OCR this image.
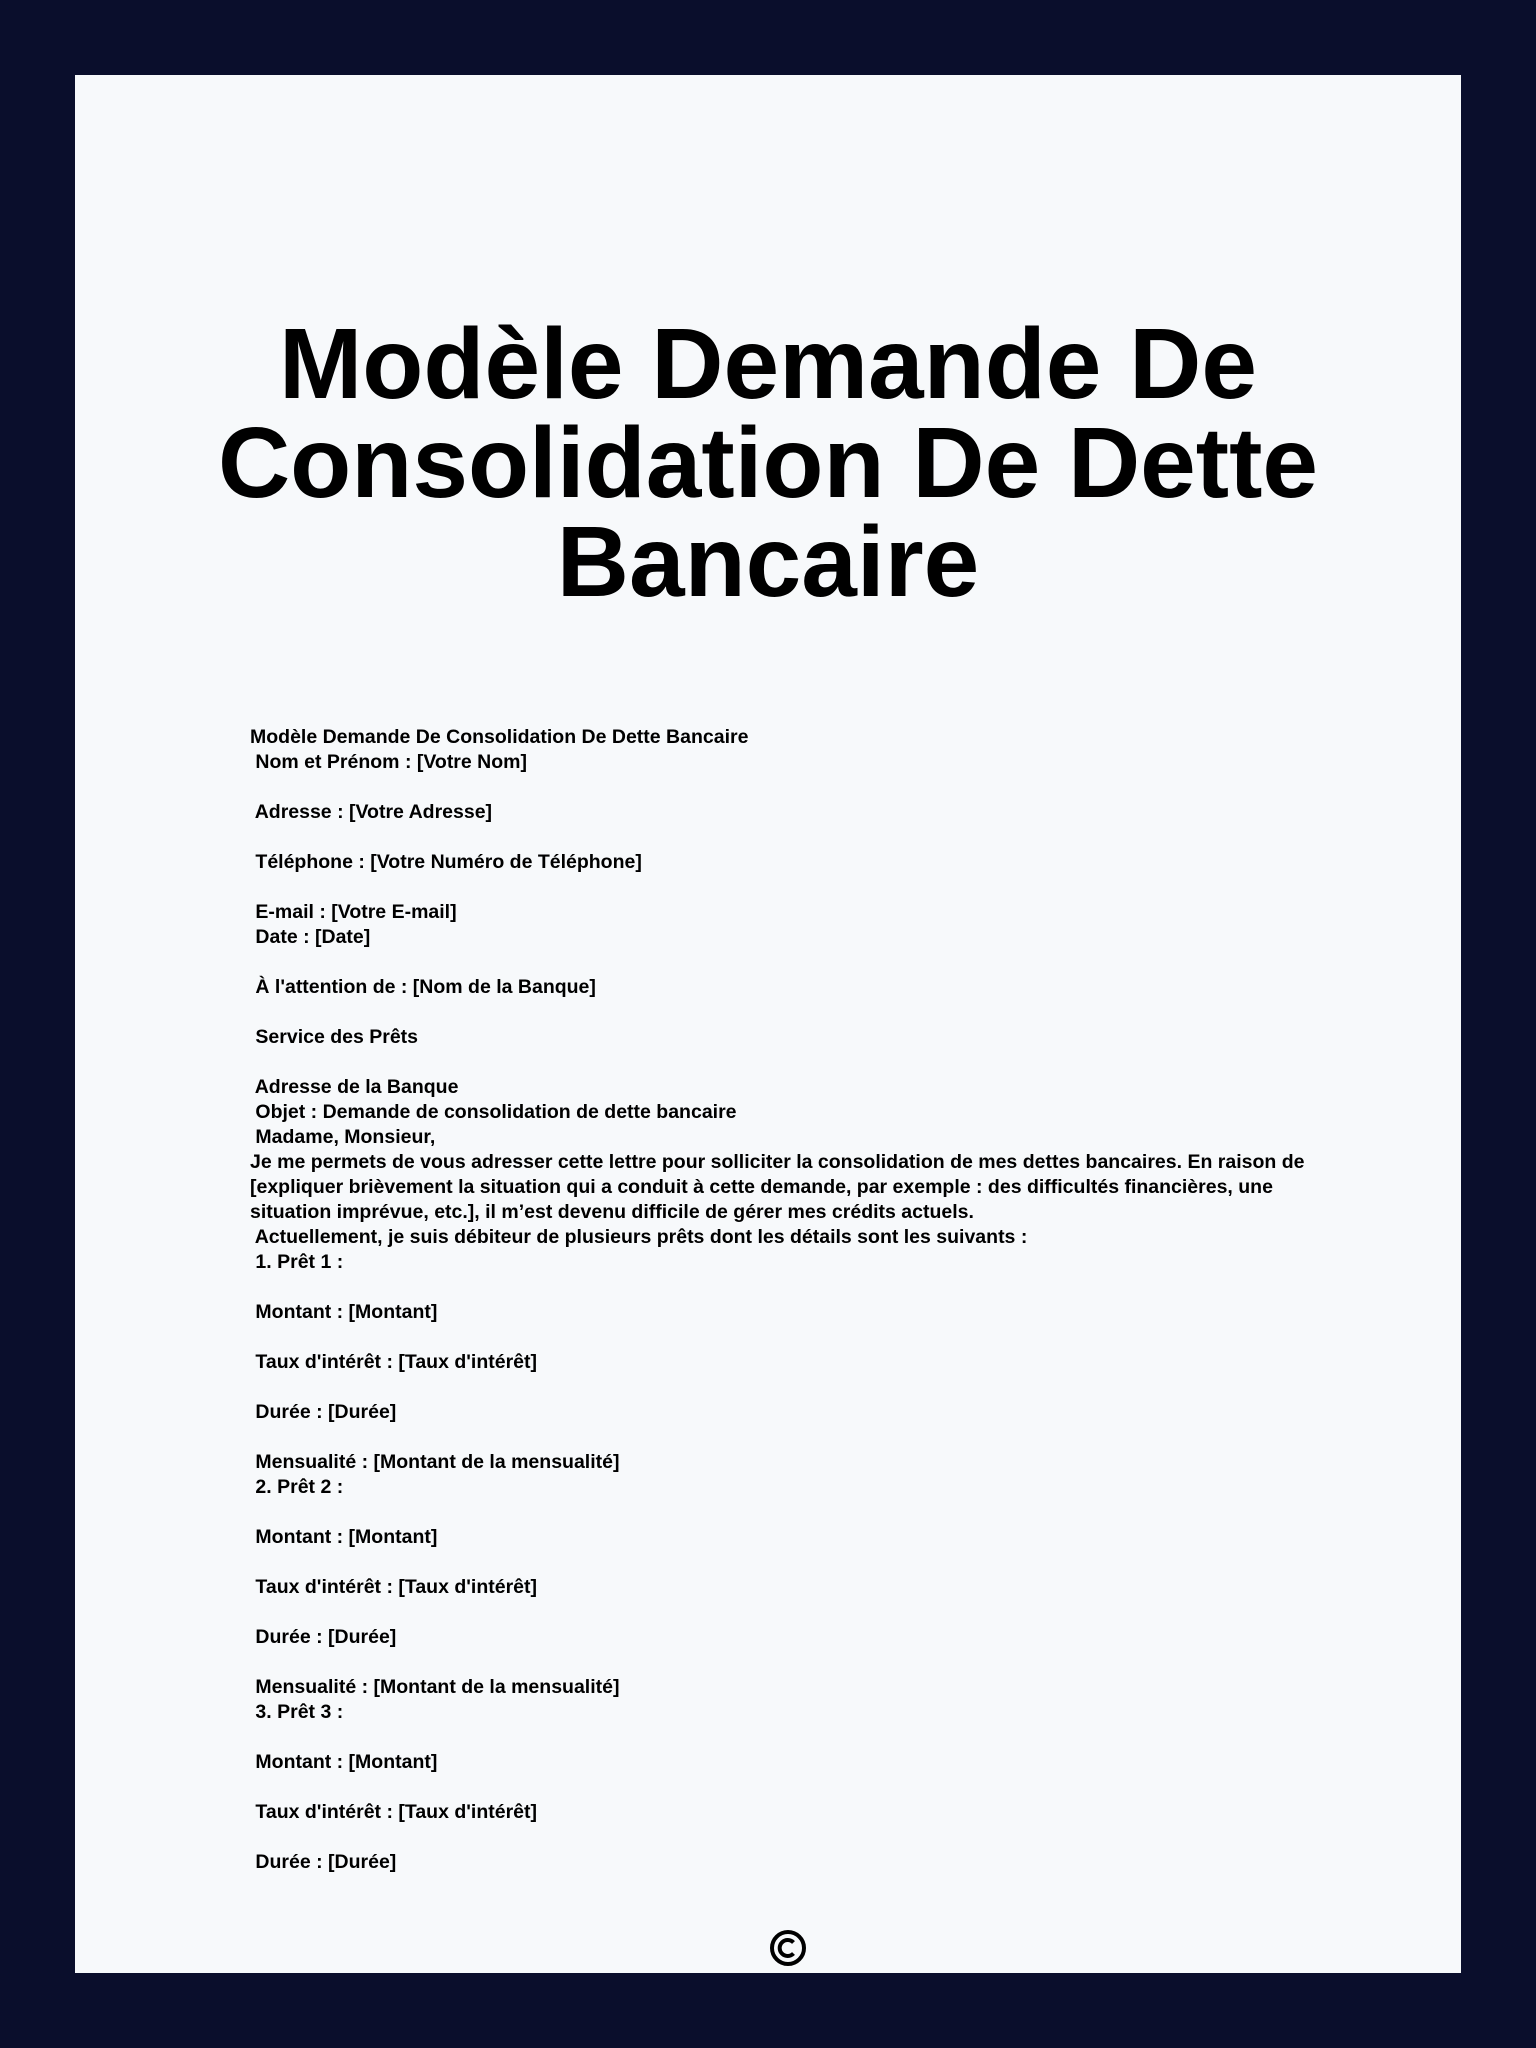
Modèle Demande De Consolidation De Dette Bancaire
Modèle Demande De Consolidation De Dette Bancaire
Nom et Prénom : [Votre Nom]
Adresse : [Votre Adresse]
Téléphone : [Votre Numéro de Téléphone]
E-mail : [Votre E-mail]
Date : [Date]
À l'attention de : [Nom de la Banque]
Service des Prêts
Adresse de la Banque
Objet : Demande de consolidation de dette bancaire
Madame, Monsieur,
Je me permets de vous adresser cette lettre pour solliciter la consolidation de mes dettes bancaires. En raison de [expliquer brièvement la situation qui a conduit à cette demande, par exemple : des difficultés financières, une situation imprévue, etc.], il m’est devenu difficile de gérer mes crédits actuels.
Actuellement, je suis débiteur de plusieurs prêts dont les détails sont les suivants :
1. Prêt 1 :
Montant : [Montant]
Taux d'intérêt : [Taux d'intérêt]
Durée : [Durée]
Mensualité : [Montant de la mensualité]
2. Prêt 2 :
Montant : [Montant]
Taux d'intérêt : [Taux d'intérêt]
Durée : [Durée]
Mensualité : [Montant de la mensualité]
3. Prêt 3 :
Montant : [Montant]
Taux d'intérêt : [Taux d'intérêt]
Durée : [Durée]
